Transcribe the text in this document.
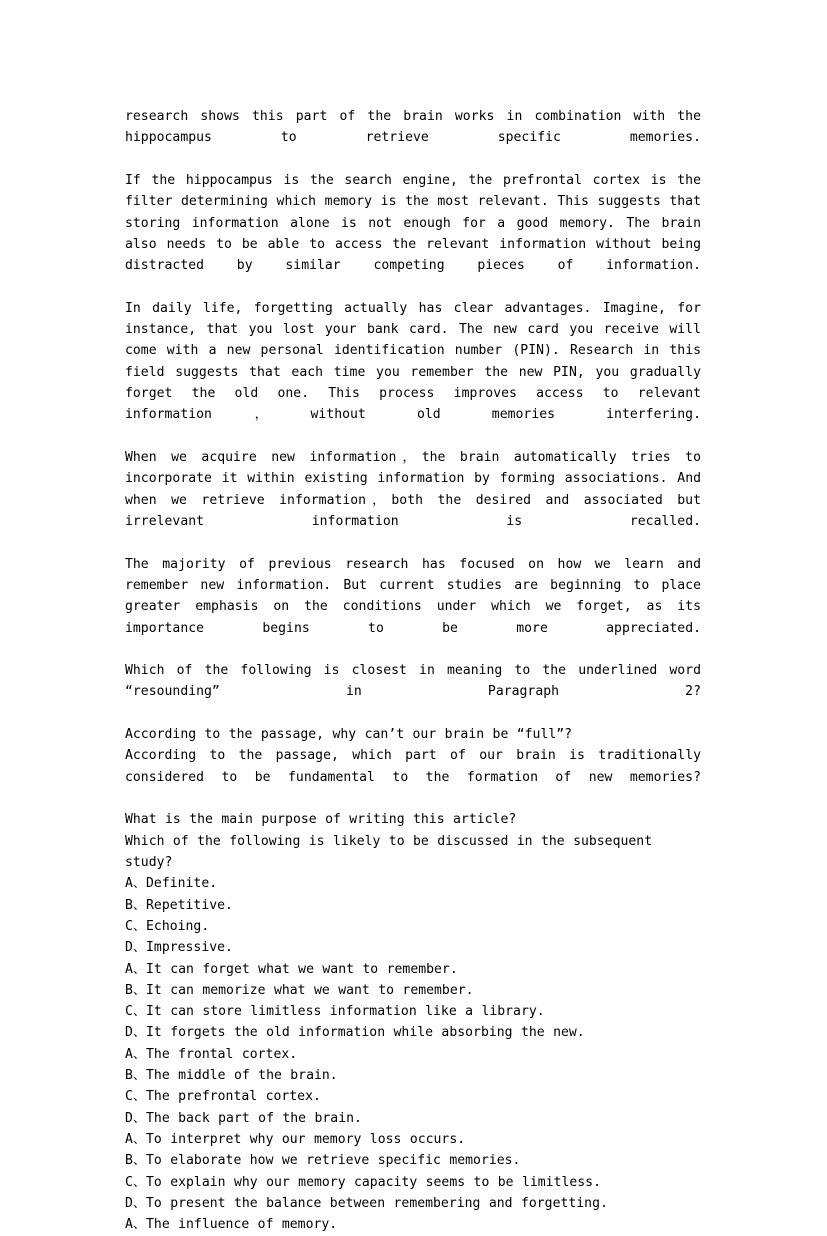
research shows this part of the brain works in combination with the hippocampus to retrieve specific memories.

If the hippocampus is the search engine, the prefrontal cortex is the filter determining which memory is the most relevant. This suggests that storing information alone is not enough for a good memory. The brain also needs to be able to access the relevant information without being distracted by similar competing pieces of information.

In daily life, forgetting actually has clear advantages. Imagine, for instance, that you lost your bank card. The new card you receive will come with a new personal identification number (PIN). Research in this field suggests that each time you remember the new PIN, you gradually forget the old one. This process improves access to relevant information，without old memories interfering.

When we acquire new information，the brain automatically tries to incorporate it within existing information by forming associations. And when we retrieve information，both the desired and associated but irrelevant information is recalled.

The majority of previous research has focused on how we learn and remember new information. But current studies are beginning to place greater emphasis on the conditions under which we forget, as its importance begins to be more appreciated.

Which of the following is closest in meaning to the underlined word “resounding” in Paragraph 2?

According to the passage, why can’t our brain be “full”?

According to the passage, which part of our brain is traditionally considered to be fundamental to the formation of new memories?

What is the main purpose of writing this article?

Which of the following is likely to be discussed in the subsequent study?

A、Definite.

B、Repetitive.

C、Echoing.

D、Impressive.

A、It can forget what we want to remember.

B、It can memorize what we want to remember.

C、It can store limitless information like a library.

D、It forgets the old information while absorbing the new.

A、The frontal cortex.

B、The middle of the brain.

C、The prefrontal cortex.

D、The back part of the brain.

A、To interpret why our memory loss occurs.

B、To elaborate how we retrieve specific memories.

C、To explain why our memory capacity seems to be limitless.

D、To present the balance between remembering and forgetting.

A、The influence of memory.
